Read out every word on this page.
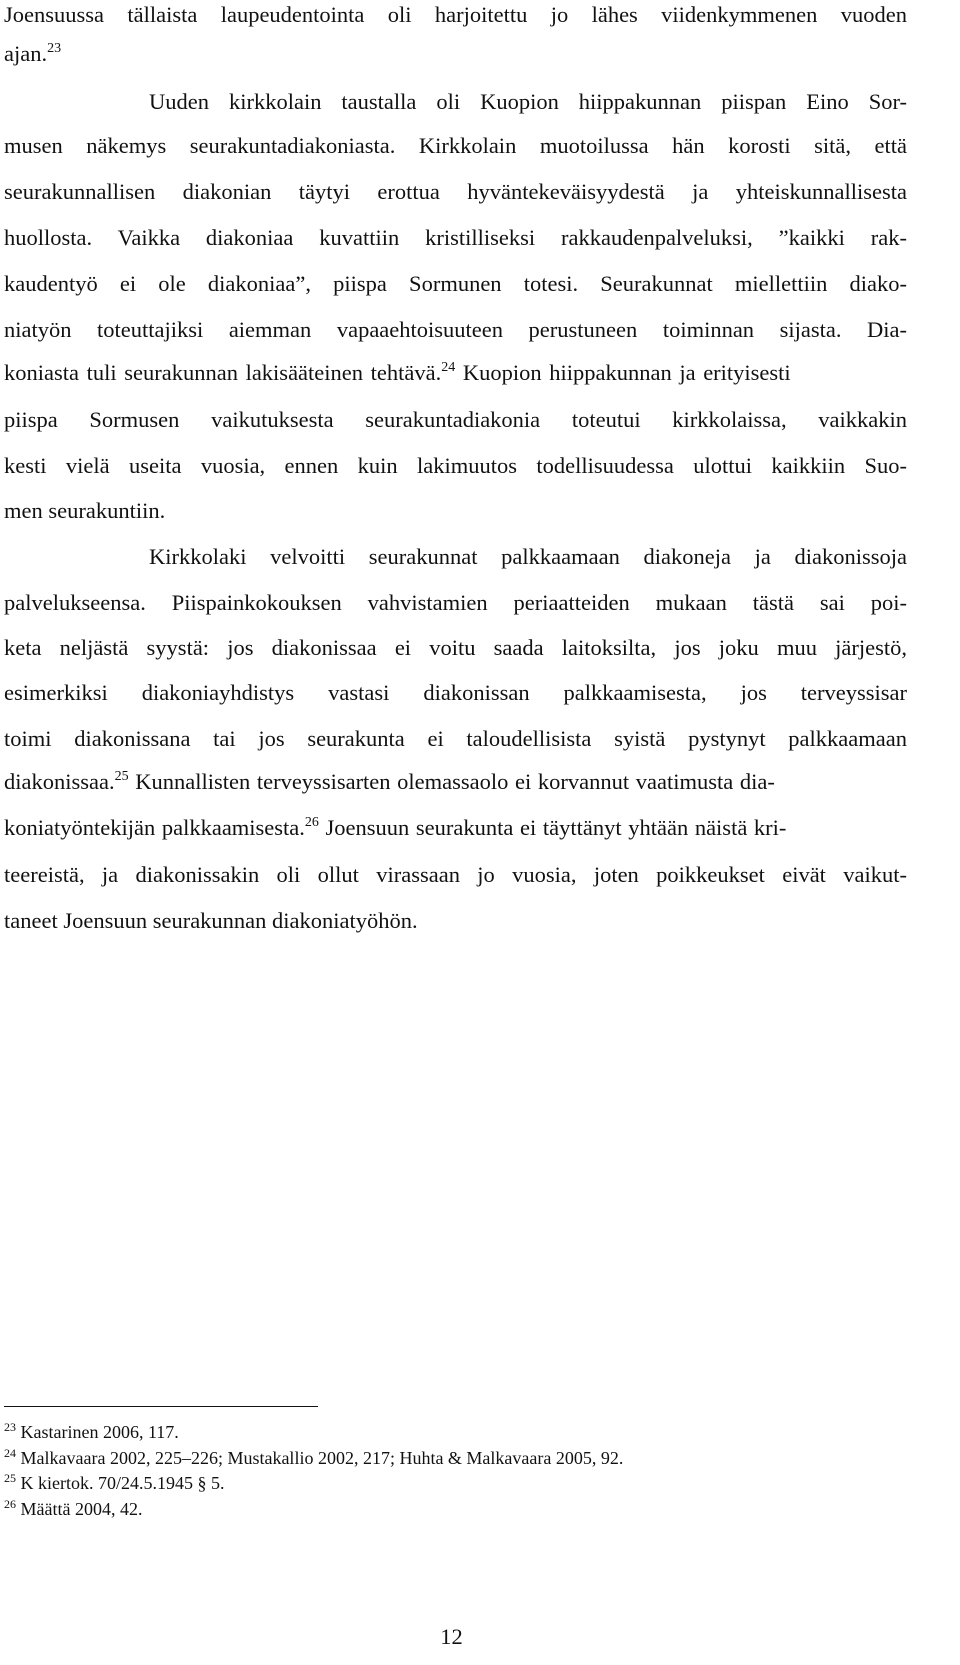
Joensuussa tällaista laupeudentointa oli harjoitettu jo lähes viidenkymmenen vuoden
ajan.$^{23}$
Uuden kirkkolain taustalla oli Kuopion hiippakunnan piispan Eino Sor-
musen näkemys seurakuntadiakoniasta. Kirkkolain muotoilussa hän korosti sitä, että
seurakunnallisen diakonian täytyi erottua hyväntekeväisyydestä ja yhteiskunnallisesta
huollosta. Vaikka diakoniaa kuvattiin kristilliseksi rakkaudenpalveluksi, ”kaikki rak-
kaudentyö ei ole diakoniaa”, piispa Sormunen totesi. Seurakunnat miellettiin diako-
niatyön toteuttajiksi aiemman vapaaehtoisuuteen perustuneen toiminnan sijasta. Dia-
koniasta tuli seurakunnan lakisääteinen tehtävä.$^{24}$ Kuopion hiippakunnan ja erityisesti
piispa Sormusen vaikutuksesta seurakuntadiakonia toteutui kirkkolaissa, vaikkakin
kesti vielä useita vuosia, ennen kuin lakimuutos todellisuudessa ulottui kaikkiin Suo-
men seurakuntiin.
Kirkkolaki velvoitti seurakunnat palkkaamaan diakoneja ja diakonissoja
palvelukseensa. Piispainkokouksen vahvistamien periaatteiden mukaan tästä sai poi-
keta neljästä syystä: jos diakonissaa ei voitu saada laitoksilta, jos joku muu järjestö,
esimerkiksi diakoniayhdistys vastasi diakonissan palkkaamisesta, jos terveyssisar
toimi diakonissana tai jos seurakunta ei taloudellisista syistä pystynyt palkkaamaan
diakonissaa.$^{25}$ Kunnallisten terveyssisarten olemassaolo ei korvannut vaatimusta dia-
koniatyöntekijän palkkaamisesta.$^{26}$ Joensuun seurakunta ei täyttänyt yhtään näistä kri-
teereistä, ja diakonissakin oli ollut virassaan jo vuosia, joten poikkeukset eivät vaikut-
taneet Joensuun seurakunnan diakoniatyöhön.
$^{23}$ Kastarinen 2006, 117.
$^{24}$ Malkavaara 2002, 225–226; Mustakallio 2002, 217; Huhta & Malkavaara 2005, 92.
$^{25}$ K kiertok. 70/24.5.1945 § 5.
$^{26}$ Määttä 2004, 42.
12
